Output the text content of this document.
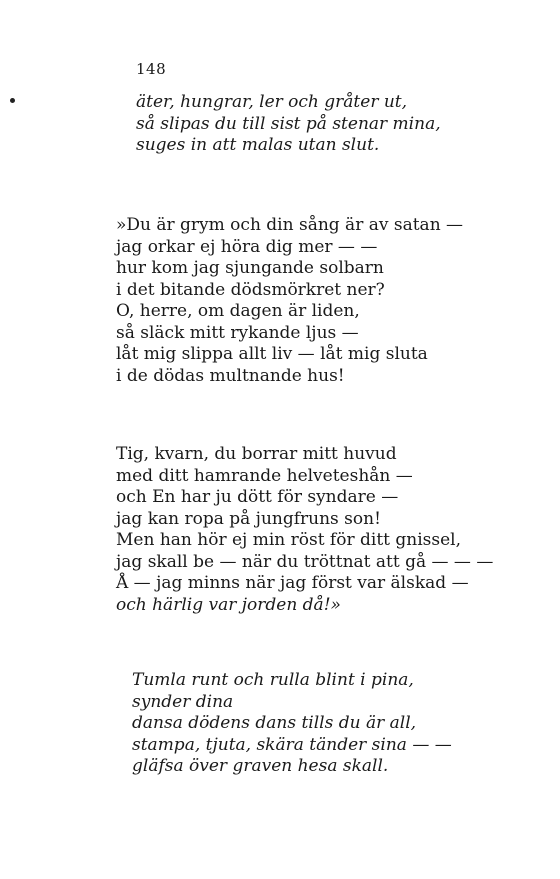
148
äter, hungrar, ler och gråter ut,
så slipas du till sist på stenar mina,
suges in att malas utan slut.
»Du är grym och din sång är av satan —
jag orkar ej höra dig mer — —
hur kom jag sjungande solbarn
i det bitande dödsmörkret ner?
O, herre, om dagen är liden,
så släck mitt rykande ljus —
låt mig slippa allt liv — låt mig sluta
i de dödas multnande hus!
Tig, kvarn, du borrar mitt huvud
med ditt hamrande helveteshån —
och En har ju dött för syndare —
jag kan ropa på jungfruns son!
Men han hör ej min röst för ditt gnissel,
jag skall be — när du tröttnat att gå — — —
Å — jag minns när jag först var älskad —
och härlig var jorden då!»
Tumla runt och rulla blint i pina,
synder dina
dansa dödens dans tills du är all,
stampa, tjuta, skära tänder sina — —
gläfsa över graven hesa skall.
